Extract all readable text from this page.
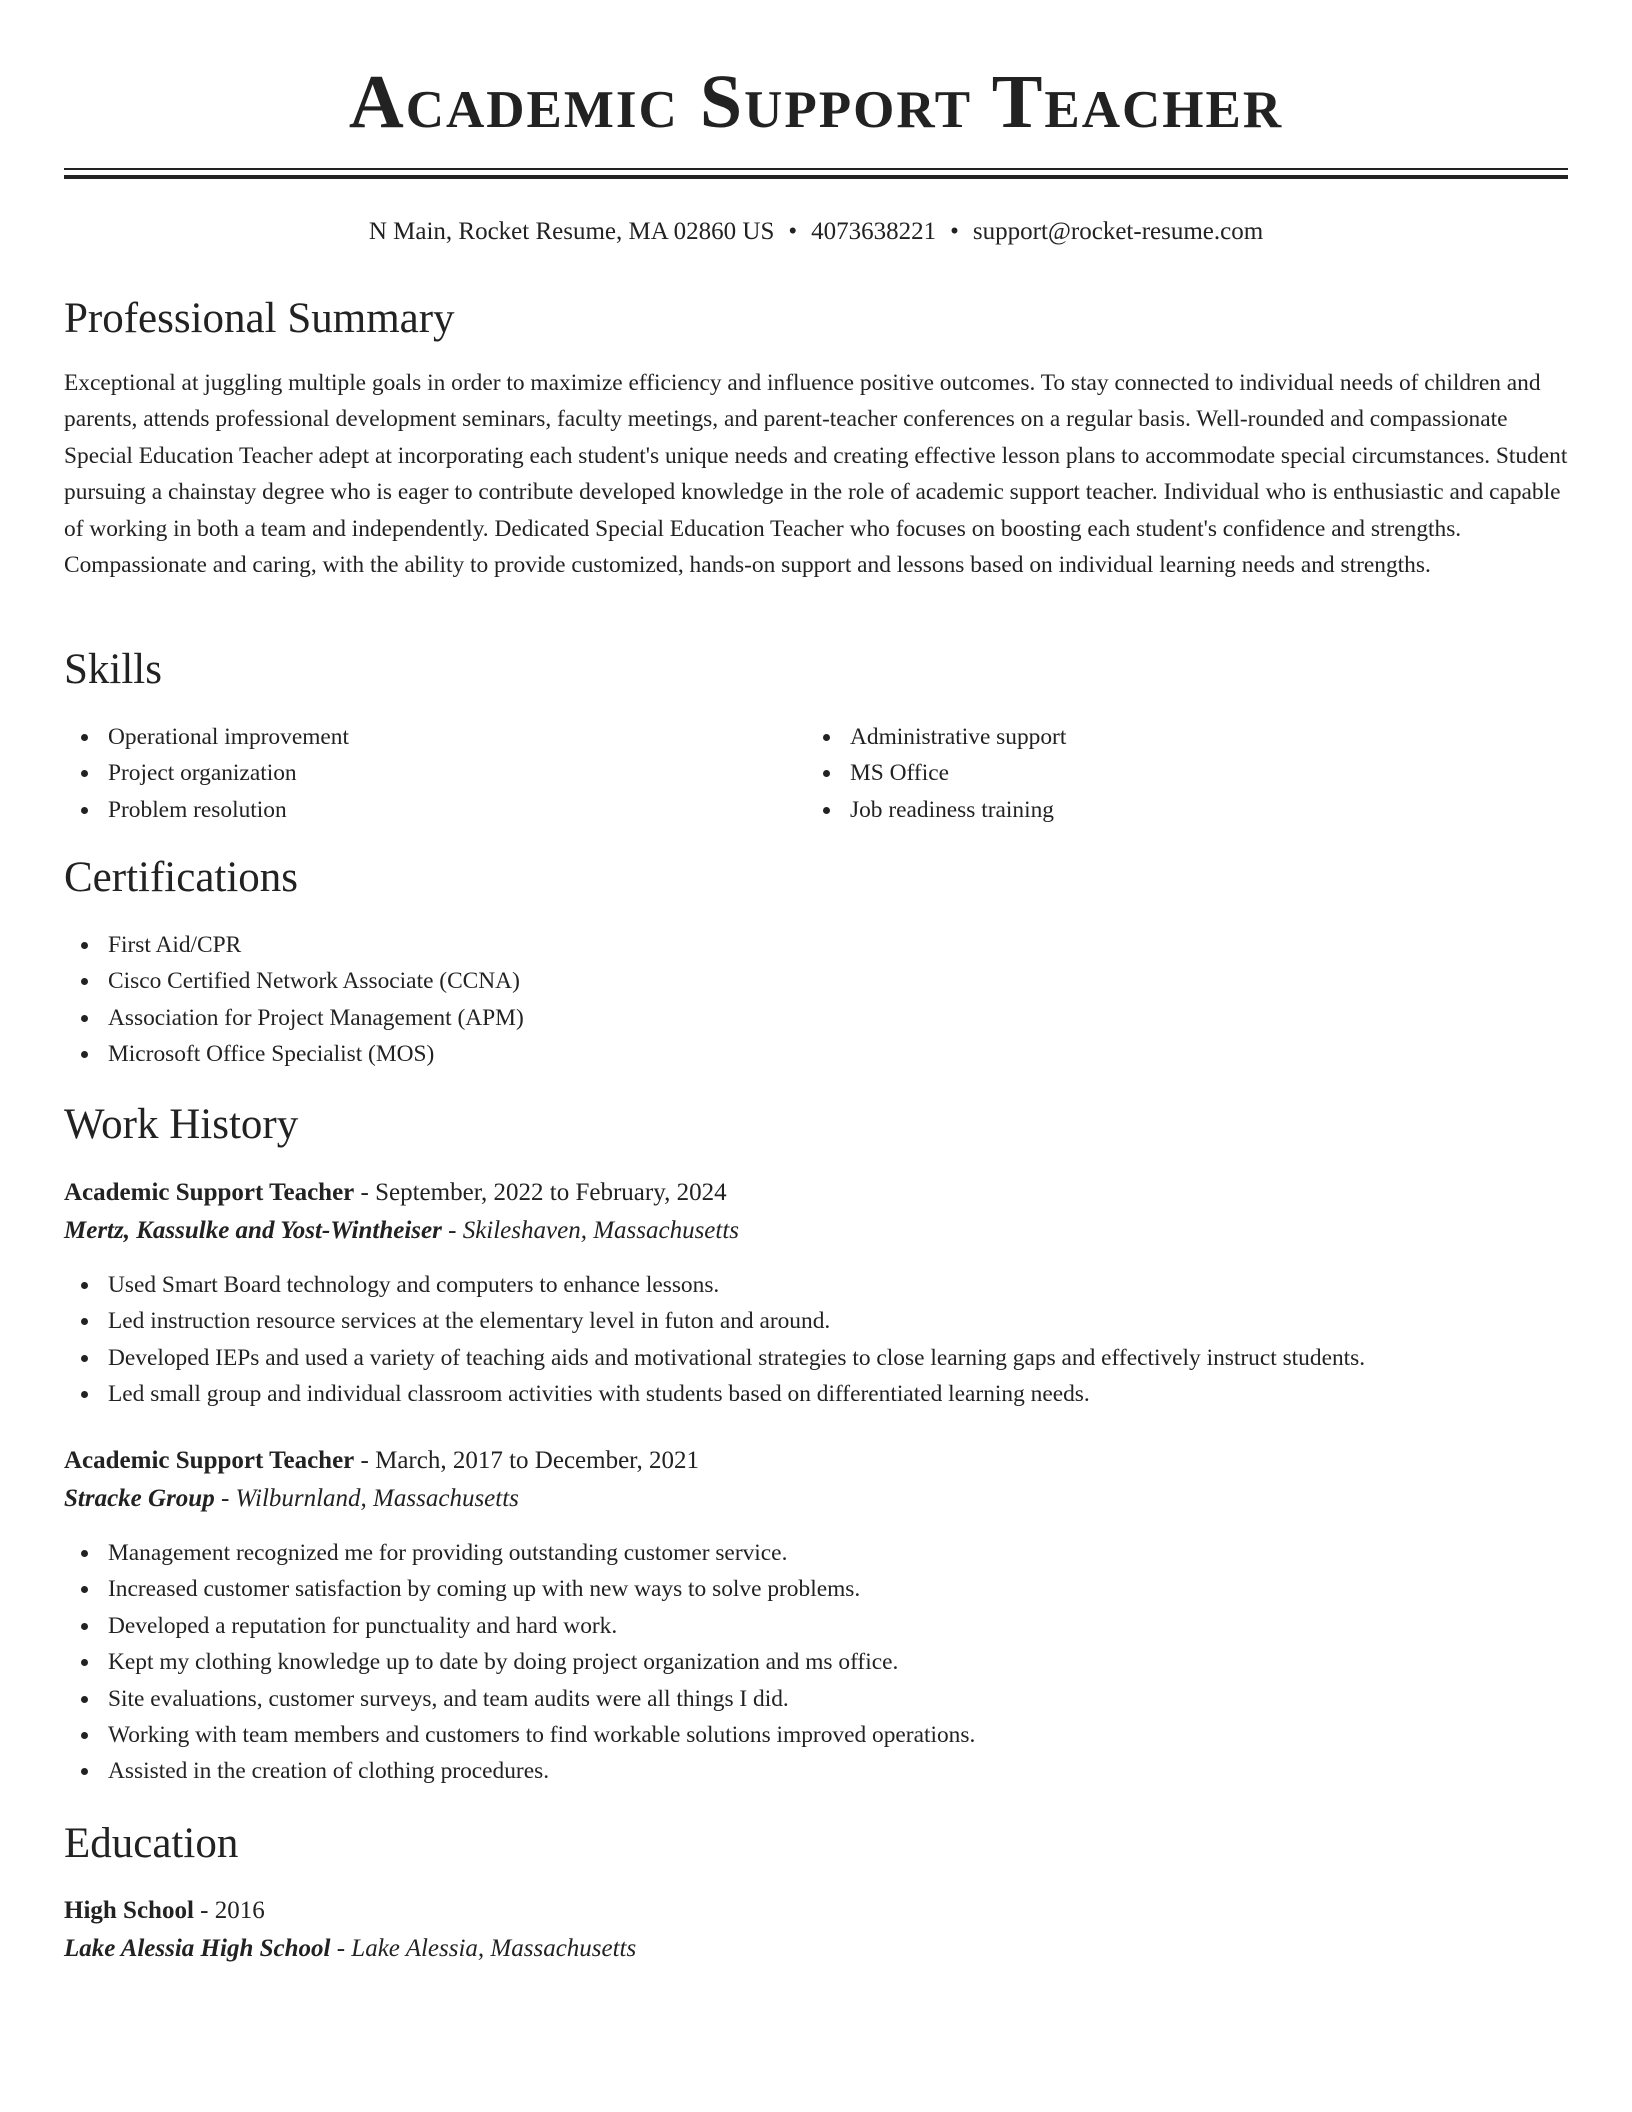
Academic Support Teacher
N Main, Rocket Resume, MA 02860 US • 4073638221 • support@rocket-resume.com
Professional Summary

Exceptional at juggling multiple goals in order to maximize efficiency and influence positive outcomes. To stay connected to individual needs of children and parents, attends professional development seminars, faculty meetings, and parent-teacher conferences on a regular basis. Well-rounded and compassionate Special Education Teacher adept at incorporating each student's unique needs and creating effective lesson plans to accommodate special circumstances. Student pursuing a chainstay degree who is eager to contribute developed knowledge in the role of academic support teacher. Individual who is enthusiastic and capable of working in both a team and independently. Dedicated Special Education Teacher who focuses on boosting each student's confidence and strengths. Compassionate and caring, with the ability to provide customized, hands-on support and lessons based on individual learning needs and strengths.

Skills
Operational improvement
Project organization
Problem resolution
Administrative support
MS Office
Job readiness training
Certifications
First Aid/CPR
Cisco Certified Network Associate (CCNA)
Association for Project Management (APM)
Microsoft Office Specialist (MOS)
Work History
Academic Support Teacher - September, 2022 to February, 2024
Mertz, Kassulke and Yost-Wintheiser - Skileshaven, Massachusetts
Used Smart Board technology and computers to enhance lessons.
Led instruction resource services at the elementary level in futon and around.
Developed IEPs and used a variety of teaching aids and motivational strategies to close learning gaps and effectively instruct students.
Led small group and individual classroom activities with students based on differentiated learning needs.
Academic Support Teacher - March, 2017 to December, 2021
Stracke Group - Wilburnland, Massachusetts
Management recognized me for providing outstanding customer service.
Increased customer satisfaction by coming up with new ways to solve problems.
Developed a reputation for punctuality and hard work.
Kept my clothing knowledge up to date by doing project organization and ms office.
Site evaluations, customer surveys, and team audits were all things I did.
Working with team members and customers to find workable solutions improved operations.
Assisted in the creation of clothing procedures.
Education
High School - 2016
Lake Alessia High School - Lake Alessia, Massachusetts
